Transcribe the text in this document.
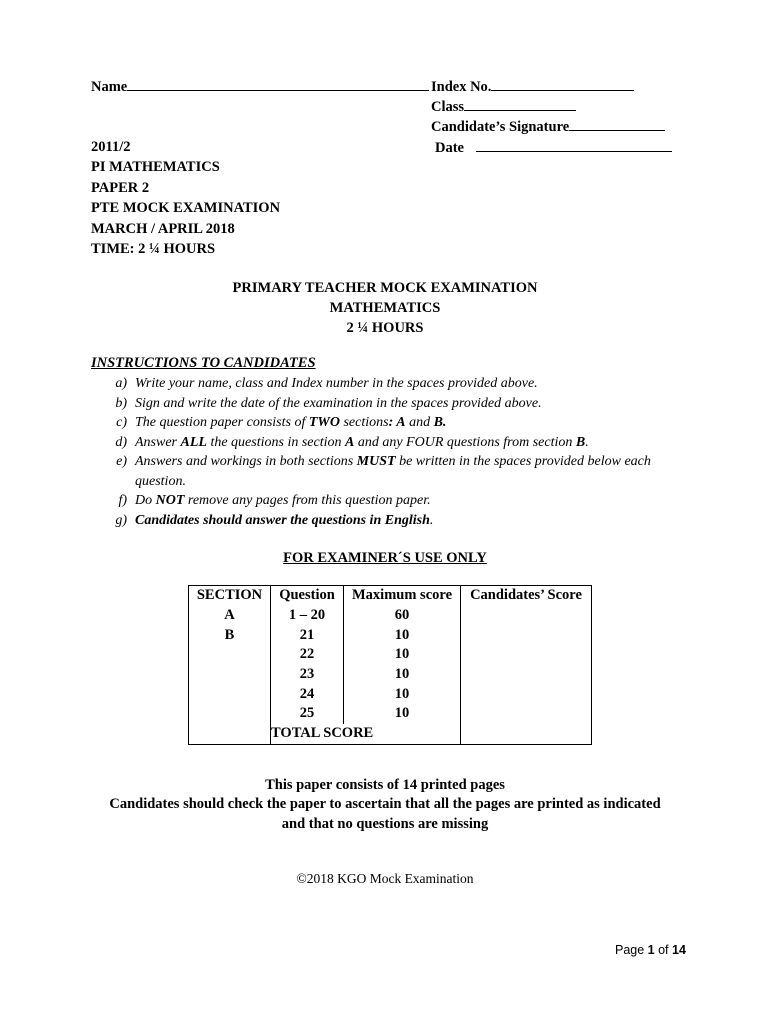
Name	Index No.
Class
Candidate’s Signature
Date
2011/2
PI MATHEMATICS
PAPER 2
PTE MOCK EXAMINATION
MARCH / APRIL 2018
TIME: 2 ¼ HOURS
PRIMARY TEACHER MOCK EXAMINATION
MATHEMATICS
2 ¼ HOURS
INSTRUCTIONS TO CANDIDATES
a) Write your name, class and Index number in the spaces provided above.
b) Sign and write the date of the examination in the spaces provided above.
c) The question paper consists of TWO sections: A and B.
d) Answer ALL the questions in section A and any FOUR questions from section B.
e) Answers and workings in both sections MUST be written in the spaces provided below each question.
f) Do NOT remove any pages from this question paper.
g) Candidates should answer the questions in English.
FOR EXAMINER´S USE ONLY
SECTION	Question	Maximum score	Candidates’ Score
A	1 – 20	60	
B	21	10	
	22	10	
	23	10	
	24	10	
	25	10	
	TOTAL SCORE		
This paper consists of 14 printed pages
Candidates should check the paper to ascertain that all the pages are printed as indicated
and that no questions are missing
©2018 KGO Mock Examination
Page 1 of 14
